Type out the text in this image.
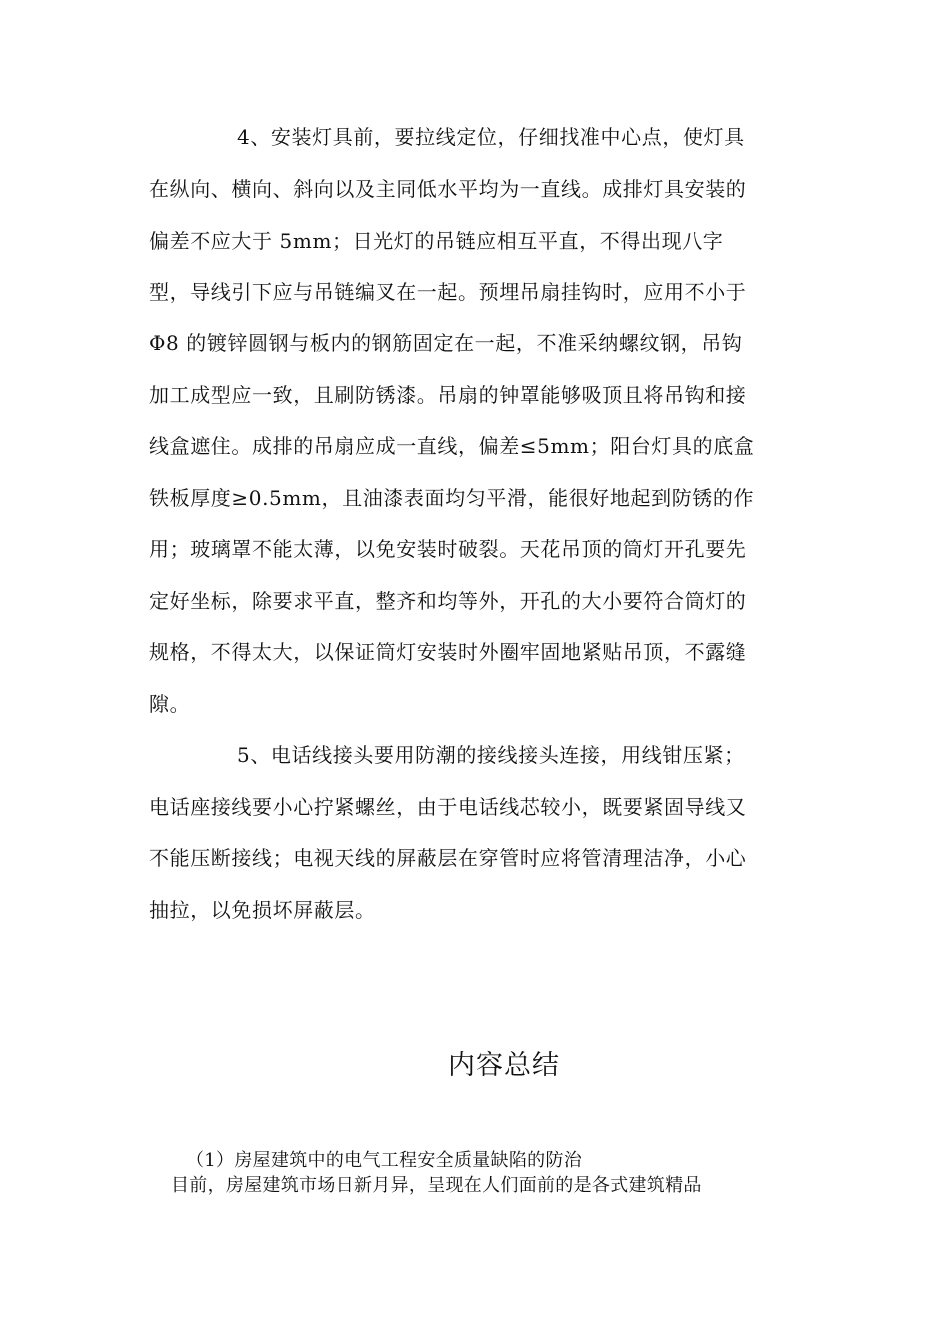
4、安装灯具前，要拉线定位，仔细找准中心点，使灯具
在纵向、横向、斜向以及主同低水平均为一直线。成排灯具安装的
偏差不应大于 5mm；日光灯的吊链应相互平直，不得出现八字
型，导线引下应与吊链编叉在一起。预埋吊扇挂钩时，应用不小于
Φ8 的镀锌圆钢与板内的钢筋固定在一起，不准采纳螺纹钢，吊钩
加工成型应一致，且刷防锈漆。吊扇的钟罩能够吸顶且将吊钩和接
线盒遮住。成排的吊扇应成一直线，偏差≤5mm；阳台灯具的底盒
铁板厚度≥0.5mm，且油漆表面均匀平滑，能很好地起到防锈的作
用；玻璃罩不能太薄，以免安装时破裂。天花吊顶的筒灯开孔要先
定好坐标，除要求平直，整齐和均等外，开孔的大小要符合筒灯的
规格，不得太大，以保证筒灯安装时外圈牢固地紧贴吊顶，不露缝
隙。
5、电话线接头要用防潮的接线接头连接，用线钳压紧；
电话座接线要小心拧紧螺丝，由于电话线芯较小，既要紧固导线又
不能压断接线；电视天线的屏蔽层在穿管时应将管清理洁净，小心
抽拉，以免损坏屏蔽层。
内容总结
（1）房屋建筑中的电气工程安全质量缺陷的防治
目前，房屋建筑市场日新月异，呈现在人们面前的是各式建筑精品
